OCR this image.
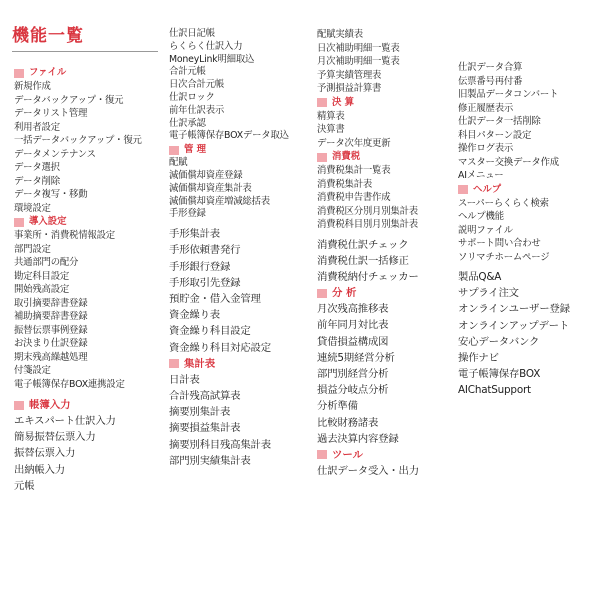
機能一覧
ファイル
新規作成
データバックアップ・復元
データリスト管理
利用者設定
一括データバックアップ・復元
データメンテナンス
データ選択
データ削除
データ複写・移動
環境設定
導入設定
事業所・消費税情報設定
部門設定
共通部門の配分
勘定科目設定
開始残高設定
取引摘要辞書登録
補助摘要辞書登録
振替伝票事例登録
お決まり仕訳登録
期末残高繰越処理
付箋設定
電子帳簿保存BOX連携設定
帳簿入力
エキスパート仕訳入力
簡易振替伝票入力
振替伝票入力
出納帳入力
元帳
仕訳日記帳
らくらく仕訳入力
MoneyLink明細取込
合計元帳
日次合計元帳
仕訳ロック
前年仕訳表示
仕訳承認
電子帳簿保存BOXデータ取込
管 理
配賦
減価償却資産登録
減価償却資産集計表
減価償却資産増減総括表
手形登録
手形集計表
手形依頼書発行
手形銀行登録
手形取引先登録
預貯金・借入金管理
資金繰り表
資金繰り科目設定
資金繰り科目対応設定
集計表
日計表
合計残高試算表
摘要別集計表
摘要損益集計表
摘要別科目残高集計表
部門別実績集計表
配賦実績表
日次補助明細一覧表
月次補助明細一覧表
予算実績管理表
予測損益計算書
決 算
精算表
決算書
データ次年度更新
消費税
消費税集計一覧表
消費税集計表
消費税申告書作成
消費税区分別月別集計表
消費税科目別月別集計表
消費税仕訳チェック
消費税仕訳一括修正
消費税納付チェッカー
分 析
月次残高推移表
前年同月対比表
貸借損益構成図
連続5期経営分析
部門別経営分析
損益分岐点分析
分析準備
比較財務諸表
過去決算内容登録
ツール
仕訳データ受入・出力
仕訳データ合算
伝票番号再付番
旧製品データコンバート
修正履歴表示
仕訳データ一括削除
科目パターン設定
操作ログ表示
マスター交換データ作成
AIメニュー
ヘルプ
スーパーらくらく検索
ヘルプ機能
説明ファイル
サポート問い合わせ
ソリマチホームページ
製品Q&A
サプライ注文
オンラインユーザー登録
オンラインアップデート
安心データバンク
操作ナビ
電子帳簿保存BOX
AIChatSupport
